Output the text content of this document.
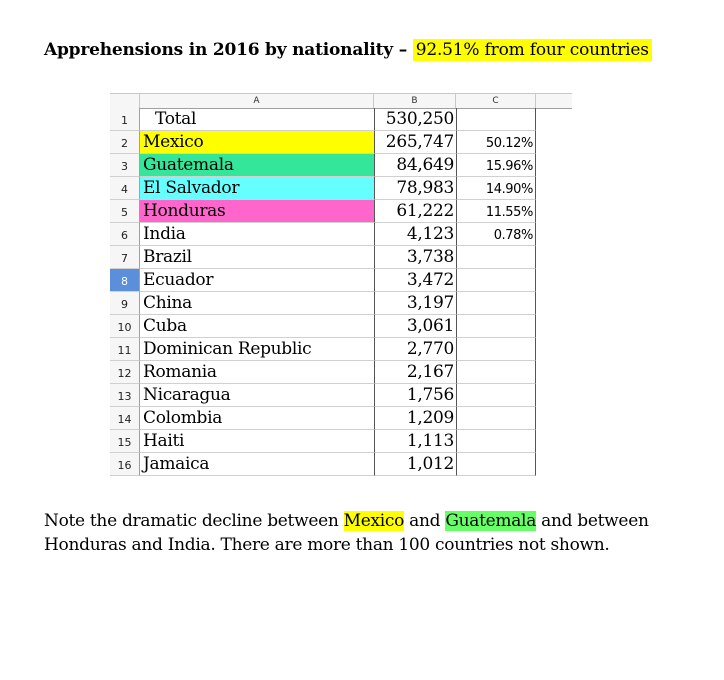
Apprehensions in 2016 by nationality – 92.51% from four countries
A	B	C
1	Total	530,250
2 Mexico	265,747	50.12%
3 Guatemala	84,649	15.96%
4 El Salvador	78,983	14.90%
5 Honduras	61,222	11.55%
6 India	4,123	0.78%
7 Brazil	3,738
8 Ecuador	3,472
9 China	3,197
10 Cuba	3,061
11 Dominican Republic	2,770
12 Romania	2,167
13 Nicaragua	1,756
14 Colombia	1,209
15 Haiti	1,113
16 Jamaica	1,012
Note the dramatic decline between Mexico and Guatemala and between Honduras and India. There are more than 100 countries not shown.
